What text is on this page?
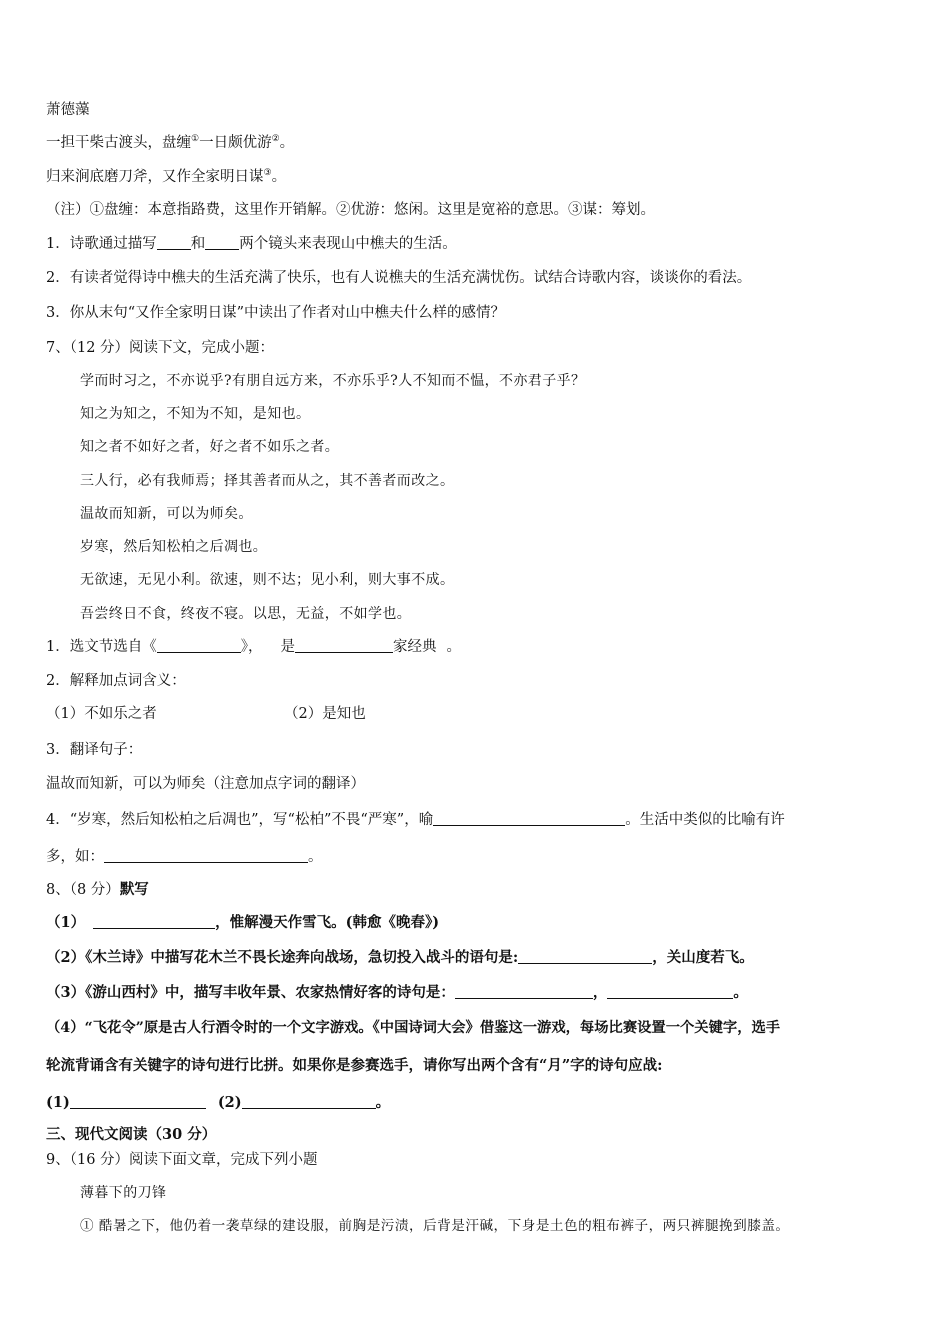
萧德藻
一担干柴古渡头，盘缠①一日颇优游②。
归来涧底磨刀斧，又作全家明日谋③。
（注）①盘缠：本意指路费，这里作开销解。②优游：悠闲。这里是宽裕的意思。③谋：筹划。
1．诗歌通过描写 和 两个镜头来表现山中樵夫的生活。
2．有读者觉得诗中樵夫的生活充满了快乐，也有人说樵夫的生活充满忧伤。试结合诗歌内容，谈谈你的看法。
3．你从末句“又作全家明日谋”中读出了作者对山中樵夫什么样的感情？
7、（12 分）阅读下文，完成小题：
学而时习之，不亦说乎?有朋自远方来，不亦乐乎?人不知而不愠，不亦君子乎？
知之为知之，不知为不知，是知也。
知之者不如好之者，好之者不如乐之者。
三人行，必有我师焉；择其善者而从之，其不善者而改之。
温故而知新，可以为师矣。
岁寒，然后知松柏之后凋也。
无欲速，无见小利。欲速，则不达；见小利，则大事不成。
吾尝终日不食，终夜不寝。以思，无益，不如学也。
1．选文节选自《	》， 是	家经典 。
2．解释加点词含义：
（1）不如乐之者	（2）是知也
3．翻译句子：
温故而知新，可以为师矣（注意加点字词的翻译）
4．“岁寒，然后知松柏之后凋也”，写“松柏”不畏“严寒”，喻	。生活中类似的比喻有许
多，如：	。
8、（8 分）默写
（1）	，惟解漫天作雪飞。(韩愈《晚春》)
（2）《木兰诗》中描写花木兰不畏长途奔向战场，急切投入战斗的语句是:	，关山度若飞。
（3）《游山西村》中，描写丰收年景、农家热情好客的诗句是：	，	。
（4）“飞花令”原是古人行酒令时的一个文字游戏。《中国诗词大会》借鉴这一游戏，每场比赛设置一个关键字，选手
轮流背诵含有关键字的诗句进行比拼。如果你是参赛选手，请你写出两个含有“月”字的诗句应战:
(1)	(2)	。
三、现代文阅读（30 分）
9、（16 分）阅读下面文章，完成下列小题
薄暮下的刀锋
① 酷暑之下，他仍着一袭草绿的建设服，前胸是污渍，后背是汗碱，下身是土色的粗布裤子，两只裤腿挽到膝盖。
